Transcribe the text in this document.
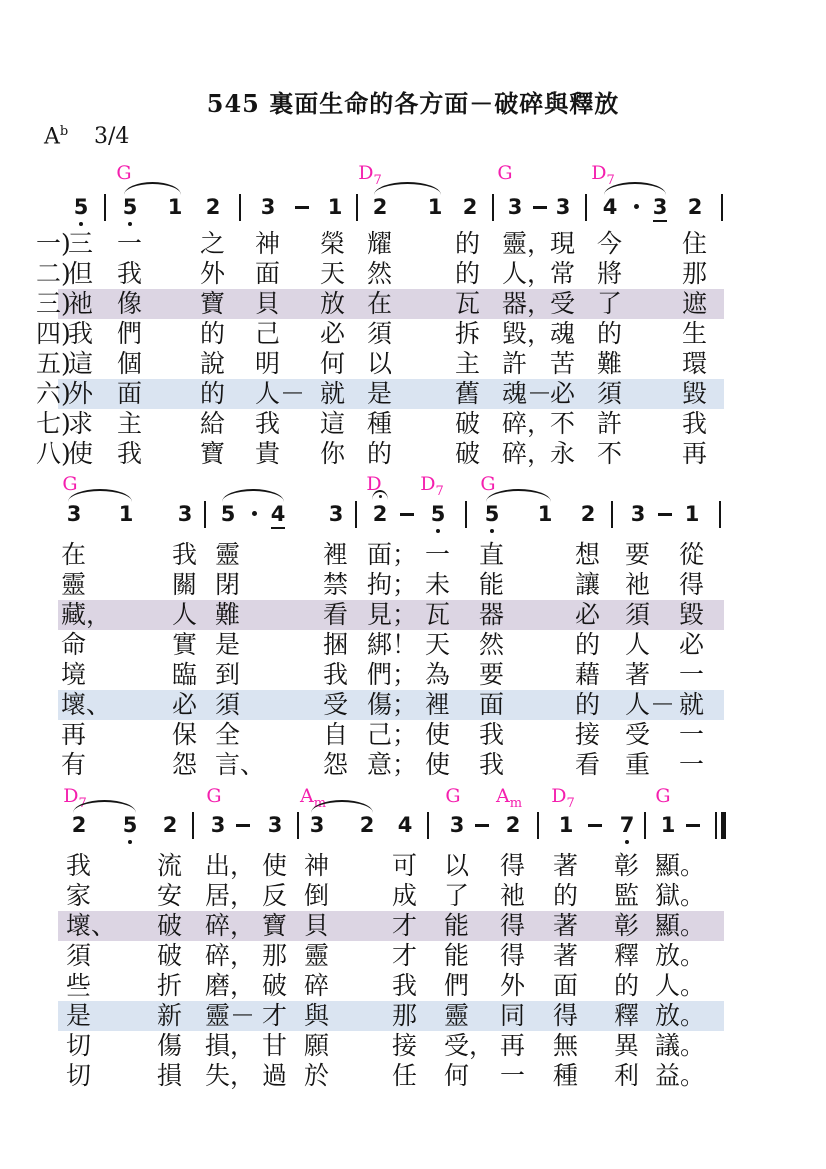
545 裏面生命的各方面－破碎與釋放
$A^b$ 3/4
G	$D_7$	G	$D_7$
5 5 1 2 3 1 2 1 2 3 3 4 3 2
一)
三 一 之 神 榮 耀	的 靈，
現 今 住
二)
但 我 外 面 天 然	的 人，
常 將 那
三)
祂 像 寶 貝 放 在	瓦 器，
受 了 遮
四)
我 們 的 己 必 須	拆 毀，
魂 的 生
五)
這 個 說 明 何 以	主 許 苦 難 環
六)
外 面 的 人－ 就 是	舊 魂－
必 須 毀
七)
求 主 給 我 這 種	破 碎，
不 許 我
八)
使 我 寶 貴 你 的	破 碎，
永 不 再
G	D $D_7$ G
3 1 3 5 4 3 2 5 5 1 2 3 1
在	我 靈	裡 面； 一 直	想 要 從
靈	關 閉	禁 拘； 未 能	讓 祂 得
藏， 人 難	看 見； 瓦 器	必 須 毀
命	實 是	捆 綁！ 天 然	的 人 必
境	臨 到	我 們； 為 要	藉 著 一
壞、 必 須	受 傷； 裡 面	的 人－ 就
再	保 全	自 己； 使 我	接 受 一
有	怨 言、 怨 意； 使 我	看 重 一
$D_7$	G	$A_m$	G $A_m$ $D_7$	G
2 5 2 3 3 3 2 4 3 2 1 7 1
我	流 出， 使 神	可 以 得 著 彰 顯。
家	安 居， 反 倒	成 了 祂 的 監 獄。
壞、 破 碎， 寶 貝	才 能 得 著 彰 顯。
須	破 碎， 那 靈	才 能 得 著 釋 放。
些	折 磨， 破 碎	我 們 外 面 的 人。
是	新 靈－ 才 與	那 靈 同 得 釋 放。
切	傷 損， 甘 願	接 受， 再 無 異 議。
切	損 失， 過 於	任 何 一 種 利 益。
